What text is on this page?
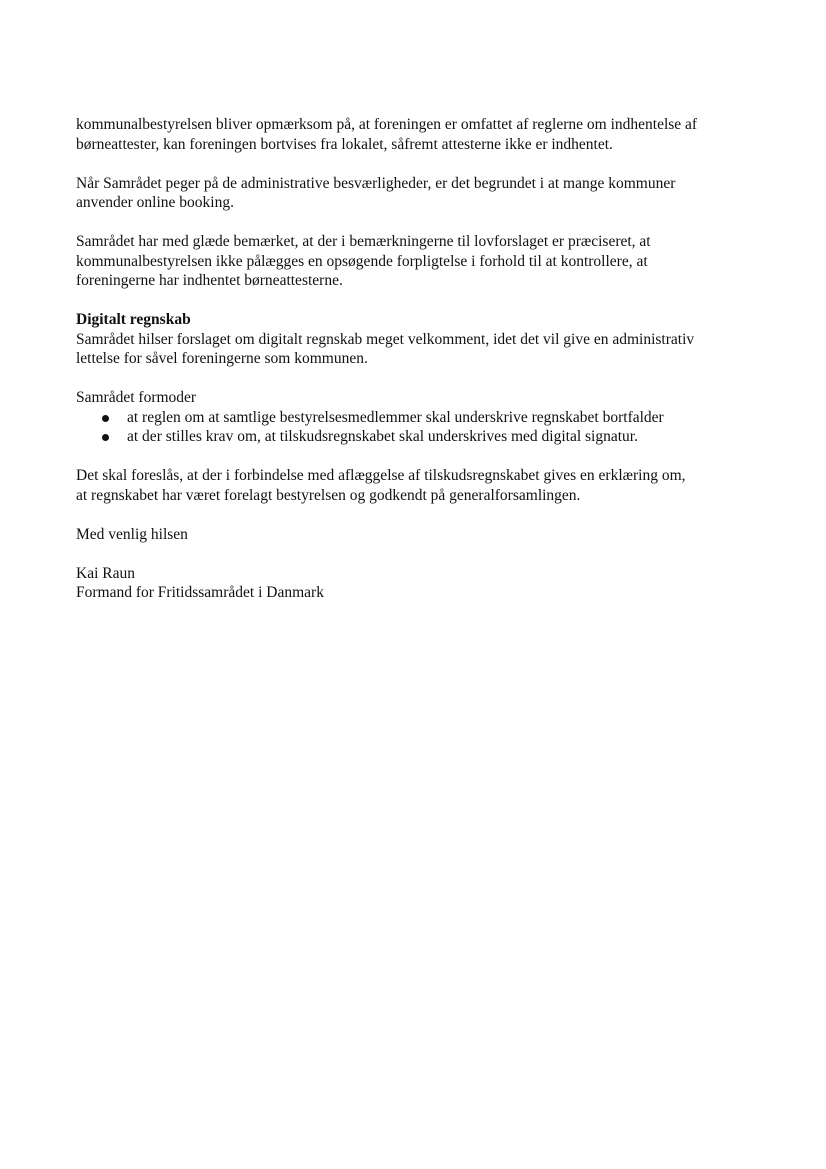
kommunalbestyrelsen bliver opmærksom på, at foreningen er omfattet af reglerne om indhentelse af
børneattester, kan foreningen bortvises fra lokalet, såfremt attesterne ikke er indhentet.

Når Samrådet peger på de administrative besværligheder, er det begrundet i at mange kommuner
anvender online booking.

Samrådet har med glæde bemærket, at der i bemærkningerne til lovforslaget er præciseret, at
kommunalbestyrelsen ikke pålægges en opsøgende forpligtelse i forhold til at kontrollere, at
foreningerne har indhentet børneattesterne.

Digitalt regnskab
Samrådet hilser forslaget om digitalt regnskab meget velkomment, idet det vil give en administrativ
lettelse for såvel foreningerne som kommunen.
Samrådet formoder
at reglen om at samtlige bestyrelsesmedlemmer skal underskrive regnskabet bortfalder
at der stilles krav om, at tilskudsregnskabet skal underskrives med digital signatur.

Det skal foreslås, at der i forbindelse med aflæggelse af tilskudsregnskabet gives en erklæring om,
at regnskabet har været forelagt bestyrelsen og godkendt på generalforsamlingen.

Med venlig hilsen

Kai Raun
Formand for Fritidssamrådet i Danmark
